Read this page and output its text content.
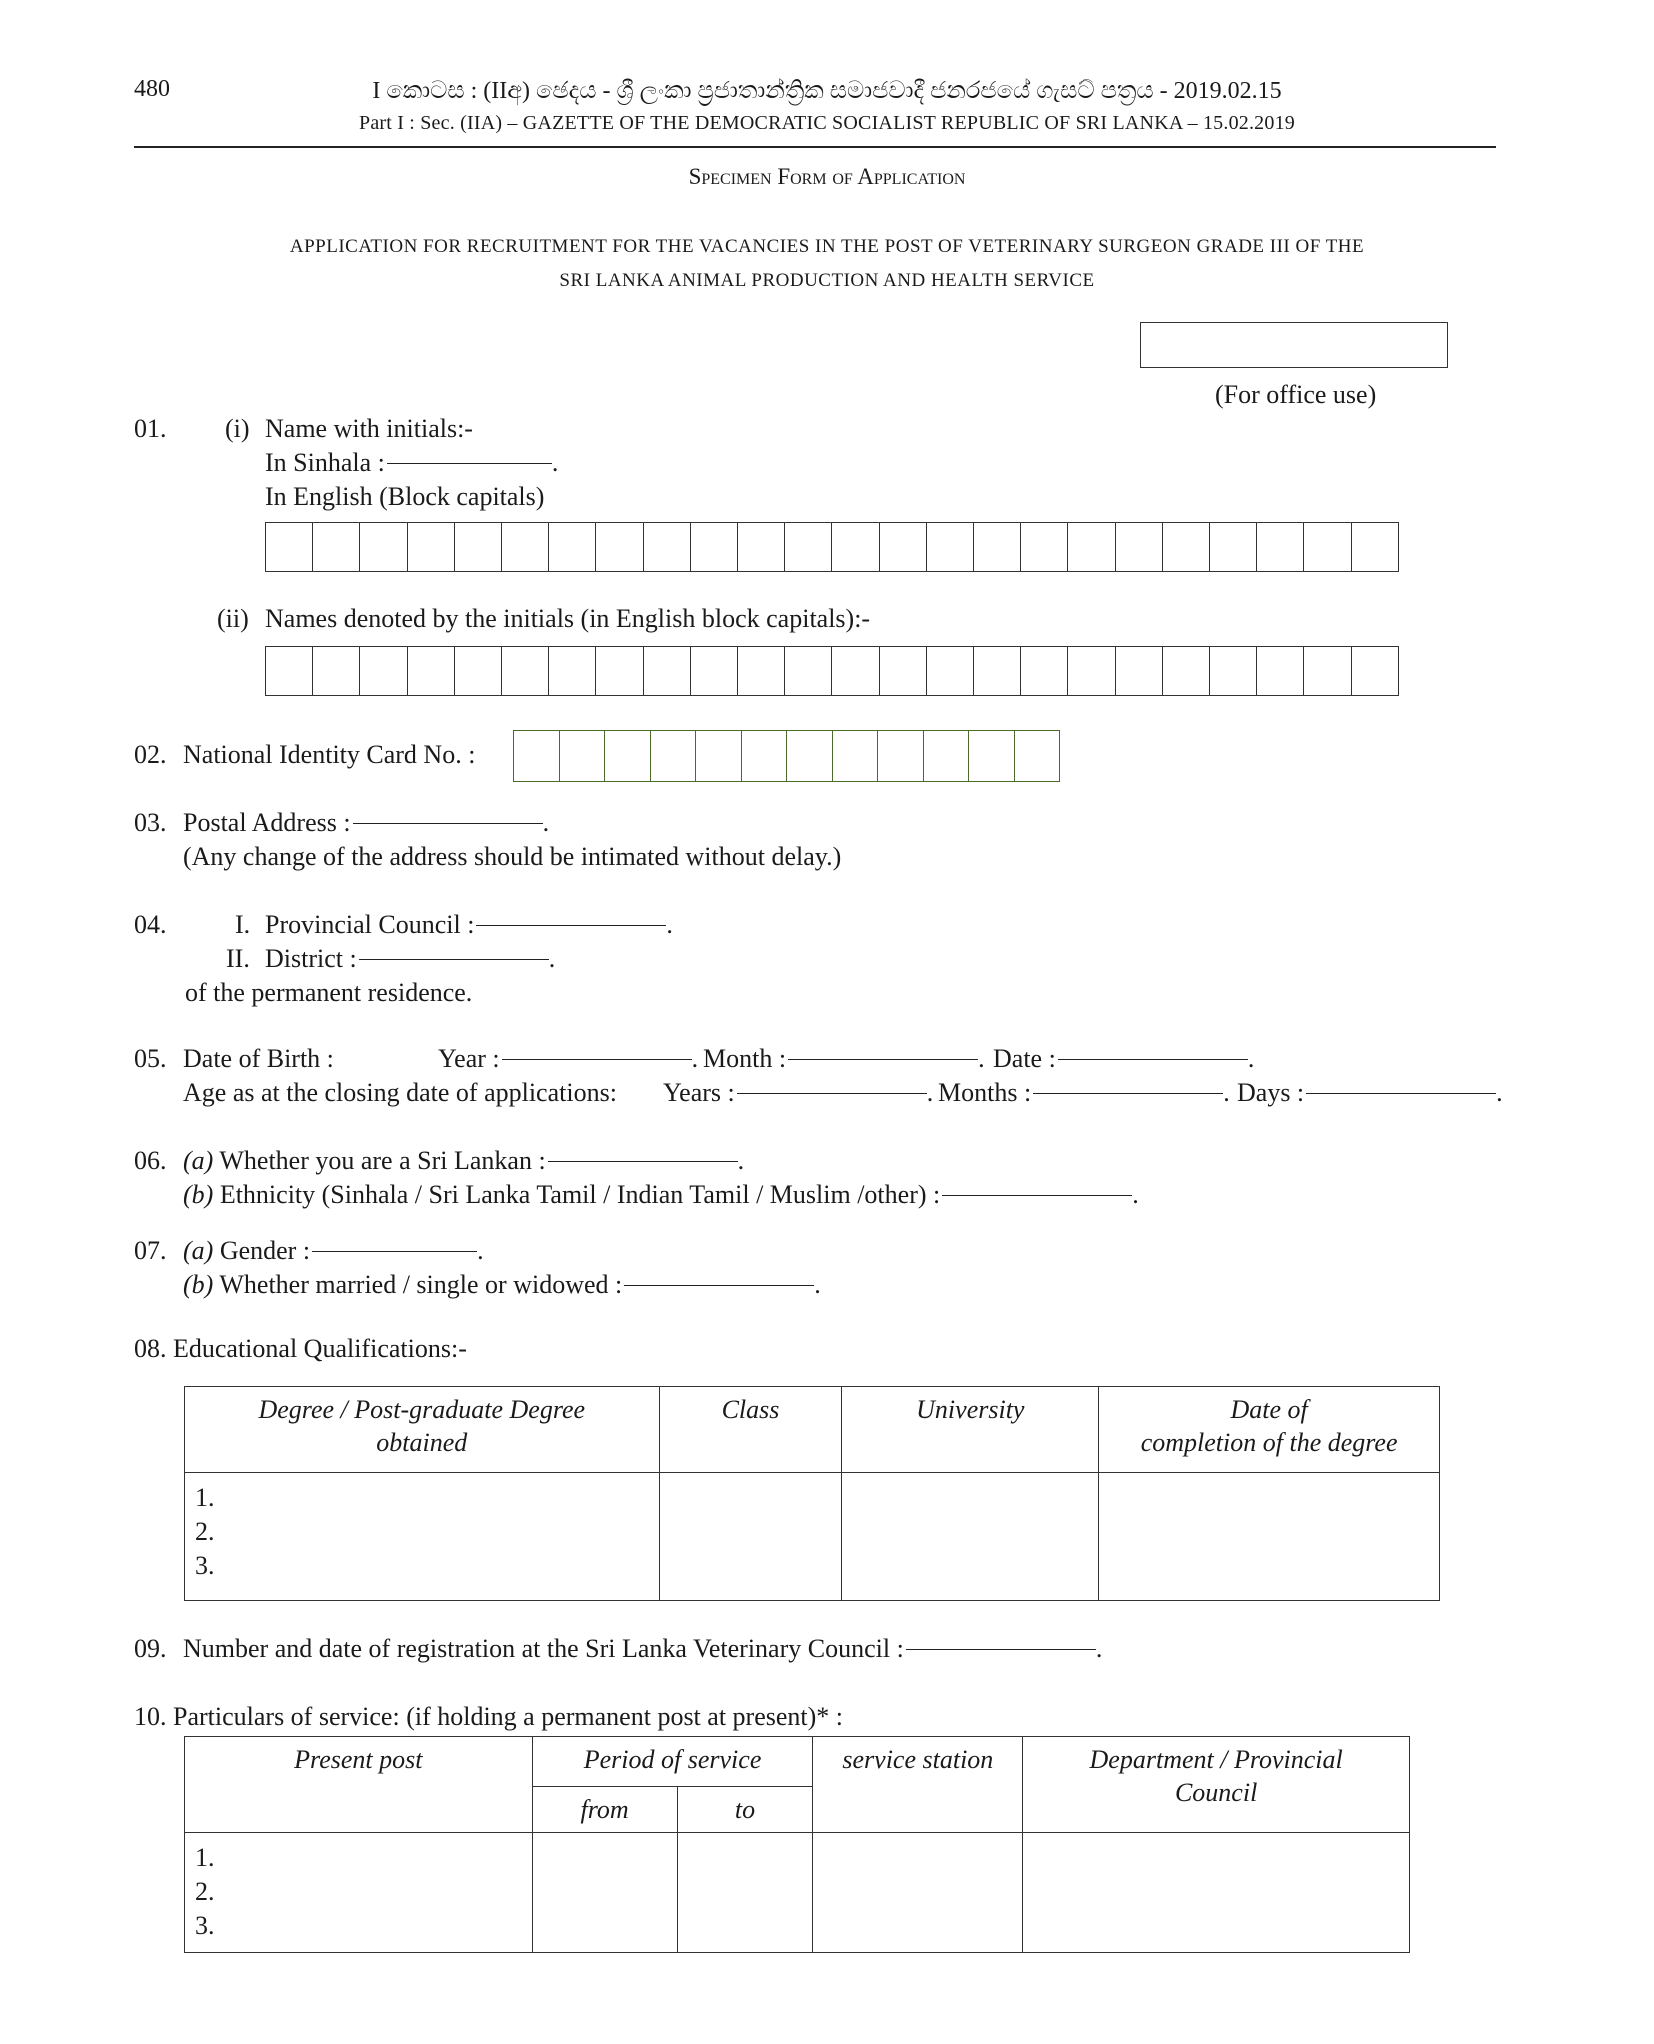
480	I කොටස : (IIඅ) ඡෙදය - ශ්‍රී ලංකා ප්‍රජාතාන්ත්‍රික සමාජවාදී ජනරජයේ ගැසට් පත්‍රය - 2019.02.15
Part I : Sec. (IIA) – GAZETTE OF THE DEMOCRATIC SOCIALIST REPUBLIC OF SRI LANKA – 15.02.2019
Specimen Form of Application
APPLICATION FOR RECRUITMENT FOR THE VACANCIES IN THE POST OF VETERINARY SURGEON GRADE III OF THE
SRI LANKA ANIMAL PRODUCTION AND HEALTH SERVICE
(For office use)
01. (i) Name with initials:-
In Sinhala :	.
In English (Block capitals)
(ii) Names denoted by the initials (in English block capitals):-
02. National Identity Card No. :
03. Postal Address :	.
(Any change of the address should be intimated without delay.)
04.	I. Provincial Council :	.
II. District :	.
of the permanent residence.
05. Date of Birth :	Year :	. Month :	. Date :	.
Age as at the closing date of applications: Years :	. Months :	. Days :	.
06. (a) Whether you are a Sri Lankan :	.
(b) Ethnicity (Sinhala / Sri Lanka Tamil / Indian Tamil / Muslim /other) :	.
07. (a) Gender :	.
(b) Whether married / single or widowed :	.
08. Educational Qualifications:-
Degree / Post-graduate Degree
obtained	Class	University	Date of
completion of the degree

1.
2.
3.			

09. Number and date of registration at the Sri Lanka Veterinary Council :	.
10. Particulars of service: (if holding a permanent post at present)* :
Present post	Period of service		service station	Department / Provincial
Council
	from	to		

1.
2.
3.				
